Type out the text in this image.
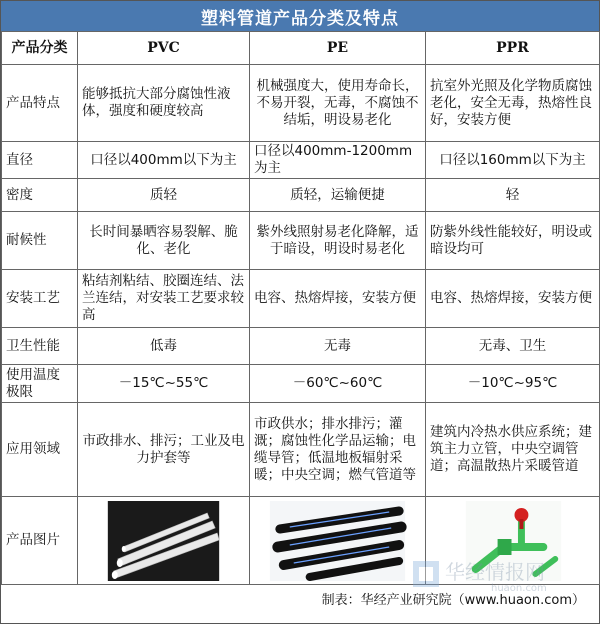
塑料管道产品分类及特点
产品分类	PVC	PE	PPR
产品特点	能够抵抗大部分腐蚀性液体，强度和硬度较高	机械强度大，使用寿命长，不易开裂，无毒，不腐蚀不结垢，明设易老化	抗室外光照及化学物质腐蚀老化，安全无毒，热熔性良好，安装方便
直径	口径以400mm以下为主	口径以400mm-1200mm为主	口径以160mm以下为主
密度	质轻	质轻，运输便捷	轻
耐候性	长时间暴晒容易裂解、脆化、老化	紫外线照射易老化降解，适于暗设，明设时易老化	防紫外线性能较好，明设或暗设均可
安装工艺	粘结剂粘结、胶圈连结、法兰连结，对安装工艺要求较高	电容、热熔焊接，安装方便	电容、热熔焊接，安装方便
卫生性能	低毒	无毒	无毒、卫生
使用温度极限	－15℃~55℃	－60℃~60℃	－10℃~95℃
应用领域	市政排水、排污；工业及电力护套等	市政供水；排水排污；灌溉；腐蚀性化学品运输；电缆导管；低温地板辐射采暖；中央空调；燃气管道等	建筑内冷热水供应系统；建筑主力立管，中央空调管道；高温散热片采暖管道
产品图片	

制表：华经产业研究院（www.huaon.com）
华经情报网
huaon.com
